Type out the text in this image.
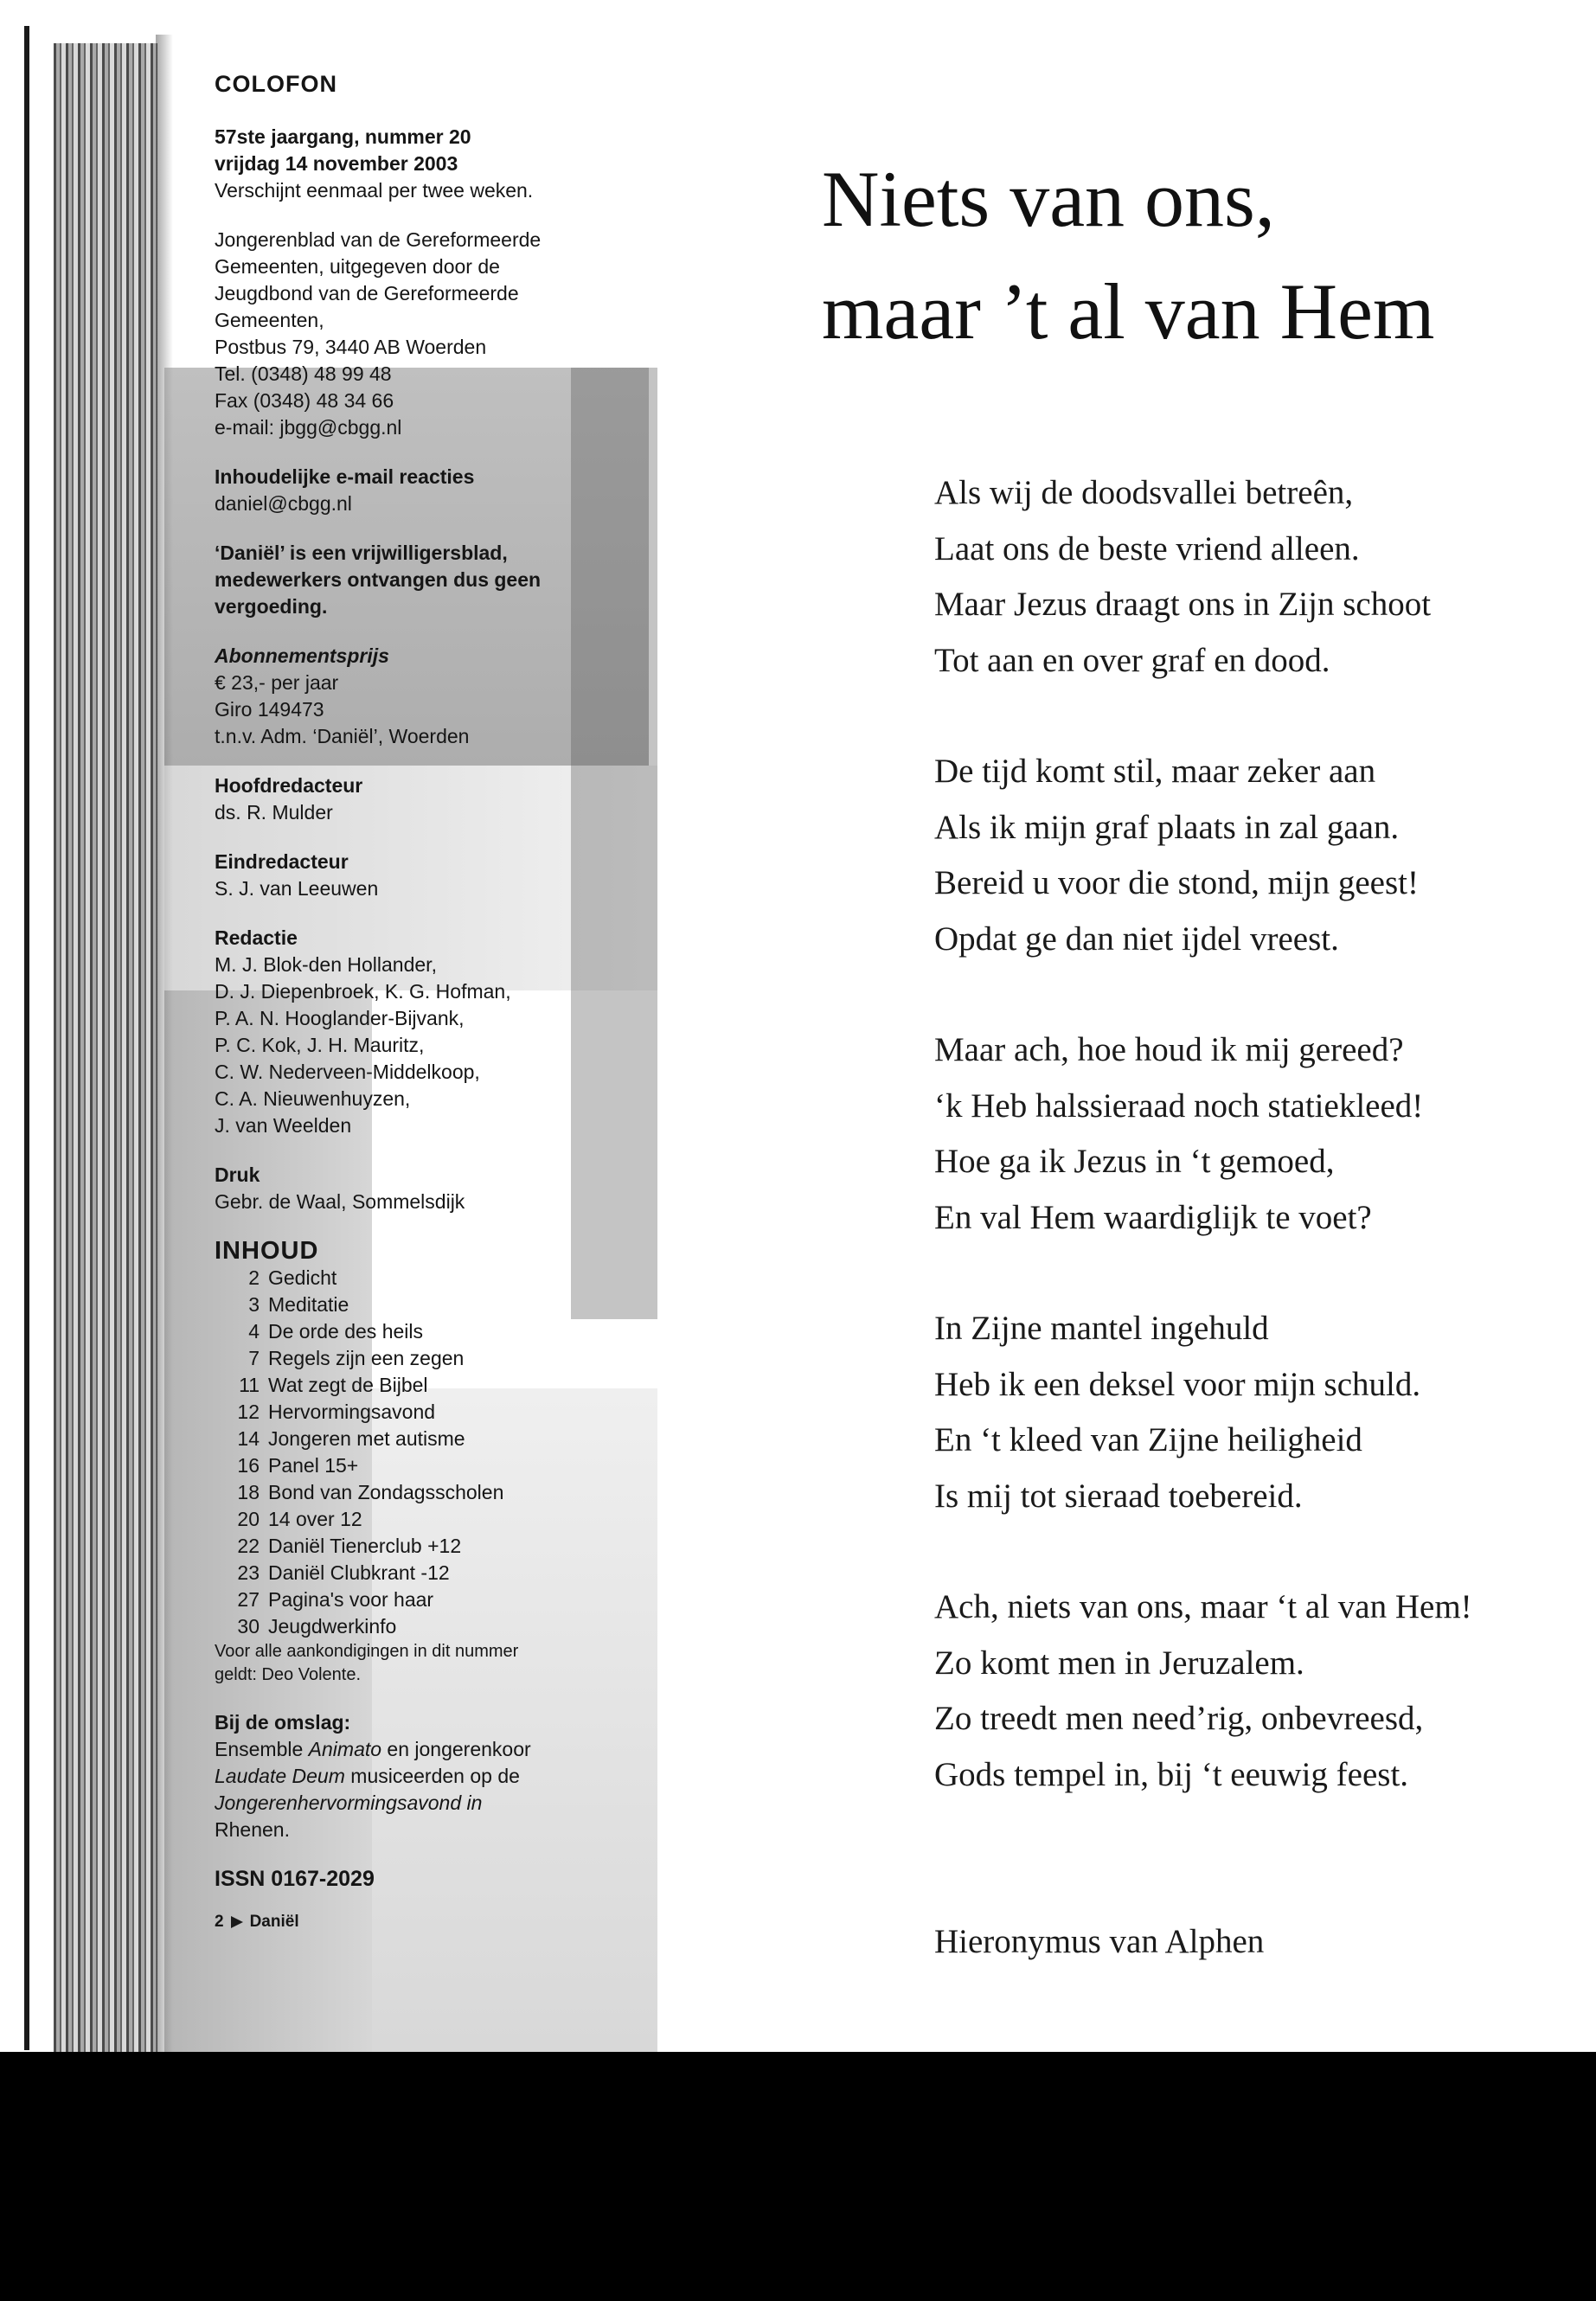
COLOFON
57ste jaargang, nummer 20
vrijdag 14 november 2003
Verschijnt eenmaal per twee weken.
Jongerenblad van de Gereformeerde
Gemeenten, uitgegeven door de
Jeugdbond van de Gereformeerde
Gemeenten,
Postbus 79, 3440 AB Woerden
Tel. (0348) 48 99 48
Fax (0348) 48 34 66
e-mail: jbgg@cbgg.nl
Inhoudelijke e-mail reacties
daniel@cbgg.nl
‘Daniël’ is een vrijwilligersblad,
medewerkers ontvangen dus geen
vergoeding.
Abonnementsprijs
€ 23,- per jaar
Giro 149473
t.n.v. Adm. ‘Daniël’, Woerden
Hoofdredacteur
ds. R. Mulder
Eindredacteur
S. J. van Leeuwen
Redactie
M. J. Blok-den Hollander,
D. J. Diepenbroek, K. G. Hofman,
P. A. N. Hooglander-Bijvank,
P. C. Kok, J. H. Mauritz,
C. W. Nederveen-Middelkoop,
C. A. Nieuwenhuyzen,
J. van Weelden
Druk
Gebr. de Waal, Sommelsdijk
INHOUD
2 Gedicht
3 Meditatie
4 De orde des heils
7 Regels zijn een zegen
11 Wat zegt de Bijbel
12 Hervormingsavond
14 Jongeren met autisme
16 Panel 15+
18 Bond van Zondagsscholen
20 14 over 12
22 Daniël Tienerclub +12
23 Daniël Clubkrant -12
27 Pagina's voor haar
30 Jeugdwerkinfo
Voor alle aankondigingen in dit nummer
geldt: Deo Volente.
Bij de omslag:
Ensemble Animato en jongerenkoor
Laudate Deum musiceerden op de
Jongerenhervormingsavond in
Rhenen.
ISSN 0167-2029
2 Daniël
Niets van ons,
maar ’t al van Hem
Als wij de doodsvallei betreên,
Laat ons de beste vriend alleen.
Maar Jezus draagt ons in Zijn schoot
Tot aan en over graf en dood.
De tijd komt stil, maar zeker aan
Als ik mijn graf plaats in zal gaan.
Bereid u voor die stond, mijn geest!
Opdat ge dan niet ijdel vreest.
Maar ach, hoe houd ik mij gereed?
‘k Heb halssieraad noch statiekleed!
Hoe ga ik Jezus in ‘t gemoed,
En val Hem waardiglijk te voet?
In Zijne mantel ingehuld
Heb ik een deksel voor mijn schuld.
En ‘t kleed van Zijne heiligheid
Is mij tot sieraad toebereid.
Ach, niets van ons, maar ‘t al van Hem!
Zo komt men in Jeruzalem.
Zo treedt men need’rig, onbevreesd,
Gods tempel in, bij ‘t eeuwig feest.
Hieronymus van Alphen
